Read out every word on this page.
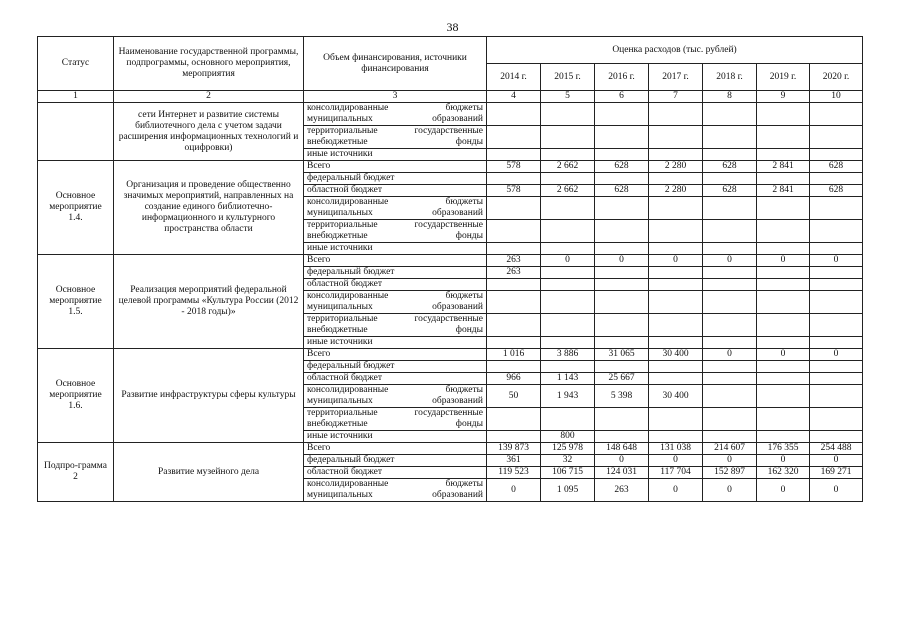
38
Статус	Наименование государственной программы, подпрограммы, основного мероприятия, мероприятия	Объем финансирования, источники финансирования	Оценка расходов (тыс. рублей)						
			2014 г.	2015 г.	2016 г.	2017 г.	2018 г.	2019 г.	2020 г.
1	2	3	4	5	6	7	8	9	10
	сети Интернет и развитие системы библиотечного дела с учетом задачи расширения информационных технологий и оцифровки)	консолидированные бюджеты муниципальных образований							
		территориальные государственные внебюджетные фонды							
		иные источники							
Основное мероприятие 1.4.	Организация и проведение общественно значимых мероприятий, направленных на создание единого библиотечно-информационного и культурного пространства области	Всего	578	2 662	628	2 280	628	2 841	628
		федеральный бюджет							
		областной бюджет	578	2 662	628	2 280	628	2 841	628
		консолидированные бюджеты муниципальных образований							
		территориальные государственные внебюджетные фонды							
		иные источники							
Основное мероприятие 1.5.	Реализация мероприятий федеральной целевой программы «Культура России (2012 - 2018 годы)»	Всего	263	0	0	0	0	0	0
		федеральный бюджет	263						
		областной бюджет							
		консолидированные бюджеты муниципальных образований							
		территориальные государственные внебюджетные фонды							
		иные источники							
Основное мероприятие 1.6.	Развитие инфраструктуры сферы культуры	Всего	1 016	3 886	31 065	30 400	0	0	0
		федеральный бюджет							
		областной бюджет	966	1 143	25 667				
		консолидированные бюджеты муниципальных образований	50	1 943	5 398	30 400			
		территориальные государственные внебюджетные фонды							
		иные источники		800					
Подпро-грамма 2	Развитие музейного дела	Всего	139 873	125 978	148 648	131 038	214 607	176 355	254 488
		федеральный бюджет	361	32	0	0	0	0	0
		областной бюджет	119 523	106 715	124 031	117 704	152 897	162 320	169 271
		консолидированные бюджеты муниципальных образований	0	1 095	263	0	0	0	0
